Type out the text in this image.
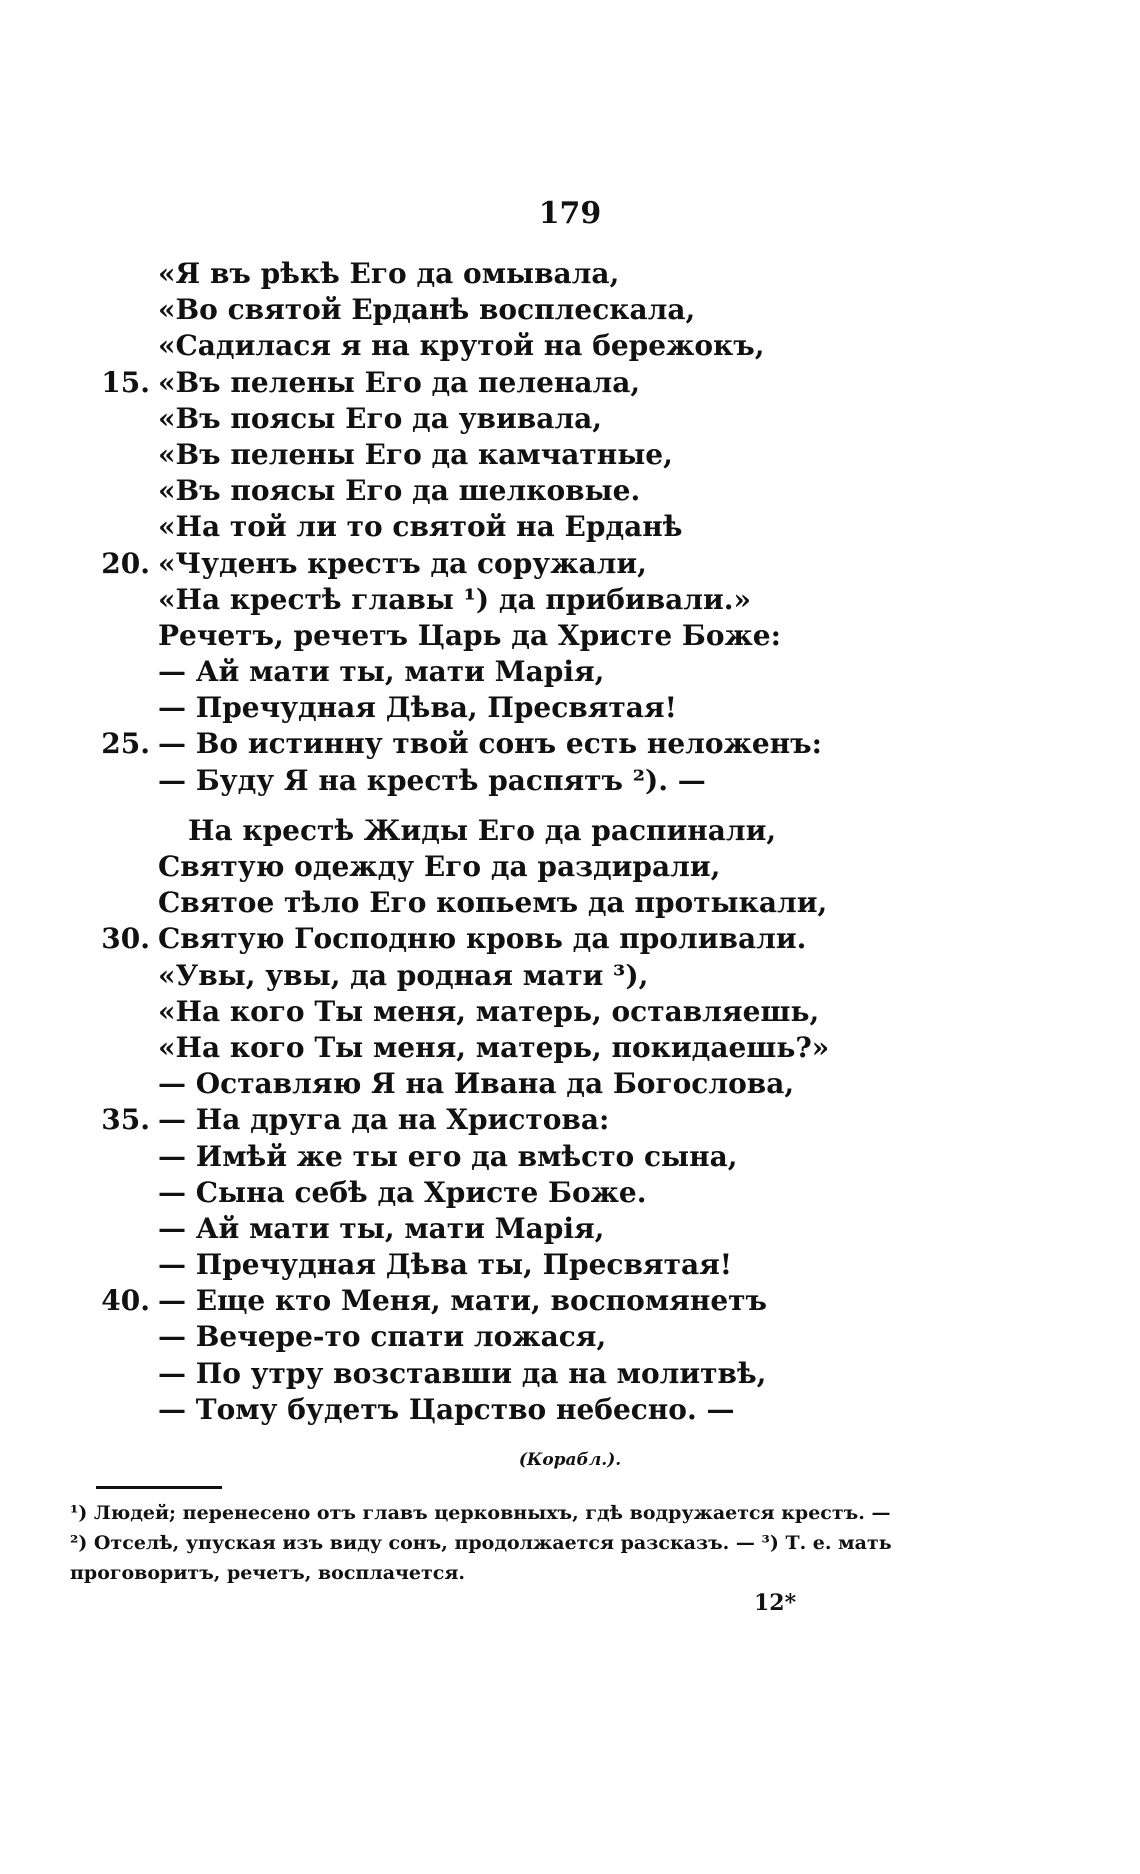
179
«Я въ рѣкѣ Его да омывала,
«Во святой Ерданѣ восплескала,
«Садилася я на крутой на бережокъ,
15. «Въ пелены Его да пеленала,
«Въ поясы Его да увивала,
«Въ пелены Его да камчатные,
«Въ поясы Его да шелковые.
«На той ли то святой на Ерданѣ
20. «Чуденъ крестъ да соружали,
«На крестѣ главы ¹) да прибивали.»
Речетъ, речетъ Царь да Христе Боже:
— Ай мати ты, мати Марія,
— Пречудная Дѣва, Пресвятая!
25. — Во истинну твой сонъ есть неложенъ:
— Буду Я на крестѣ распятъ ²). —
На крестѣ Жиды Его да распинали,
Святую одежду Его да раздирали,
Святое тѣло Его копьемъ да протыкали,
30. Святую Господню кровь да проливали.
«Увы, увы, да родная мати ³),
«На кого Ты меня, матерь, оставляешь,
«На кого Ты меня, матерь, покидаешь?»
— Оставляю Я на Ивана да Богослова,
35. — На друга да на Христова:
— Имѣй же ты его да вмѣсто сына,
— Сына себѣ да Христе Боже.
— Ай мати ты, мати Марія,
— Пречудная Дѣва ты, Пресвятая!
40. — Еще кто Меня, мати, воспомянетъ
— Вечере-то спати ложася,
— По утру возставши да на молитвѣ,
— Тому будетъ Царство небесно. —
(Корабл.).
¹) Людей; перенесено отъ главъ церковныхъ, гдѣ водружается крестъ. —
²) Отселѣ, упуская изъ виду сонъ, продолжается разсказъ. — ³) Т. е. мать
проговоритъ, речетъ, восплачется.
12*
